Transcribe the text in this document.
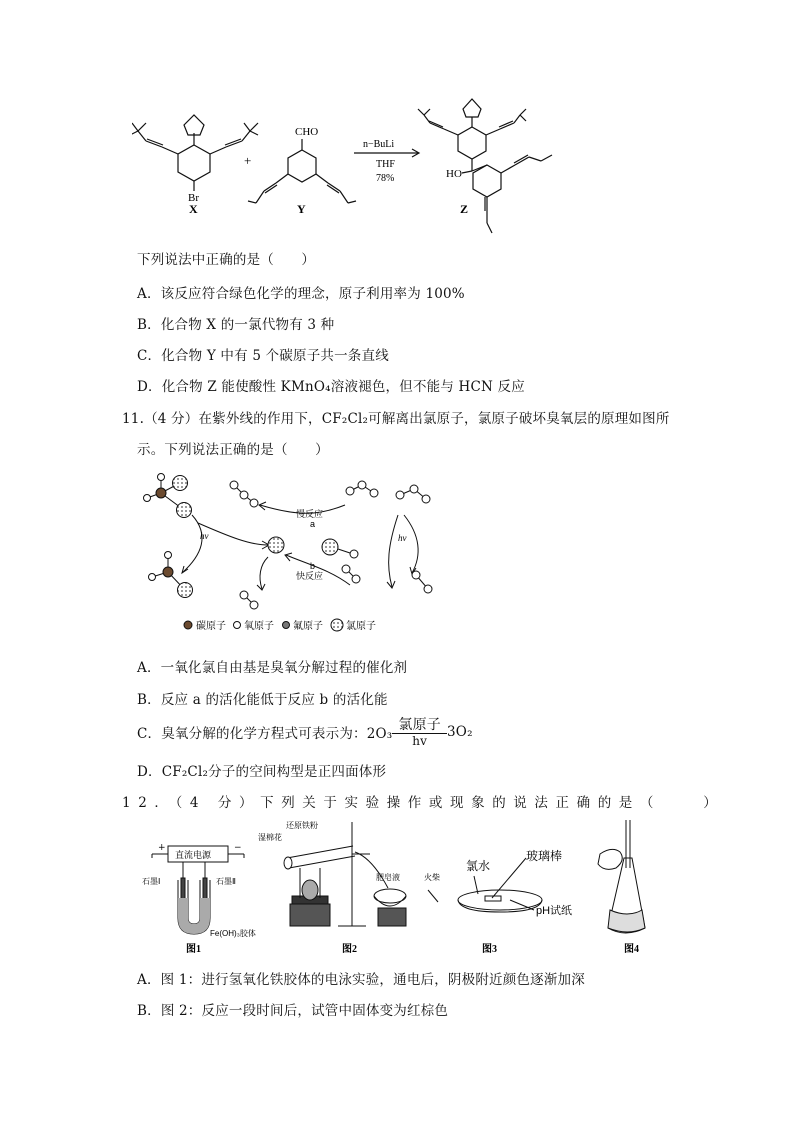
Br
CHO
HO
+
n−BuLi
THF
78%
X	Y	Z
下列说法中正确的是（　　）
A．该反应符合绿色化学的理念，原子利用率为 100%
B．化合物 X 的一氯代物有 3 种
C．化合物 Y 中有 5 个碳原子共一条直线
D．化合物 Z 能使酸性 KMnO₄溶液褪色，但不能与 HCN 反应
11.（4 分）在紫外线的作用下，CF₂Cl₂可解离出氯原子，氯原子破坏臭氧层的原理如图所
示。下列说法正确的是（　　）
慢反应
a
b
快反应
hv	hv
碳原子 氧原子 氟原子 氯原子
A．一氧化氯自由基是臭氧分解过程的催化剂
B．反应 a 的活化能低于反应 b 的活化能
C．臭氧分解的化学方程式可表示为：$2O_3 \frac{\text{氯原子}}{hv} 3O_2$
D．CF₂Cl₂分子的空间构型是正四面体形
12．（4 分）下列关于实验操作或现象的说法正确的是（　　）
直流电源
+	−
石墨Ⅰ	石墨Ⅱ
Fe(OH)₃胶体
还原铁粉
湿棉花
肥皂液	火柴
氯水
玻璃棒
pH试纸
图1	图2	图3	图4
A．图 1：进行氢氧化铁胶体的电泳实验，通电后，阴极附近颜色逐渐加深
B．图 2：反应一段时间后，试管中固体变为红棕色
